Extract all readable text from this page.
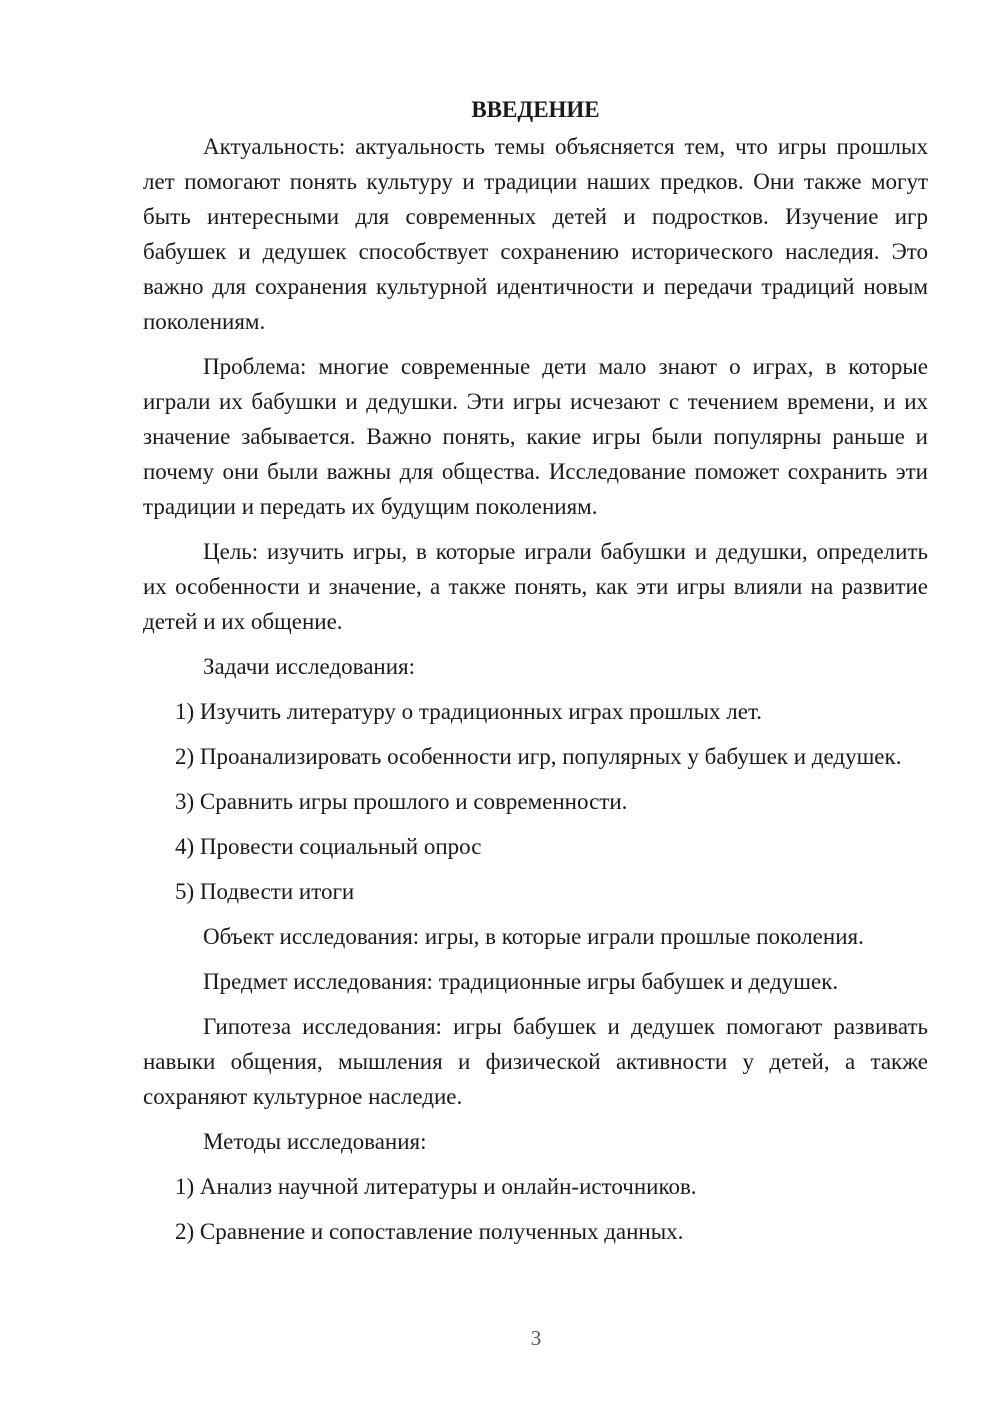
ВВЕДЕНИЕ

Актуальность: актуальность темы объясняется тем, что игры прошлых лет помогают понять культуру и традиции наших предков. Они также могут быть интересными для современных детей и подростков. Изучение игр бабушек и дедушек способствует сохранению исторического наследия. Это важно для сохранения культурной идентичности и передачи традиций новым поколениям.

Проблема: многие современные дети мало знают о играх, в которые играли их бабушки и дедушки. Эти игры исчезают с течением времени, и их значение забывается. Важно понять, какие игры были популярны раньше и почему они были важны для общества. Исследование поможет сохранить эти традиции и передать их будущим поколениям.

Цель: изучить игры, в которые играли бабушки и дедушки, определить их особенности и значение, а также понять, как эти игры влияли на развитие детей и их общение.

Задачи исследования:

1) Изучить литературу о традиционных играх прошлых лет.

2) Проанализировать особенности игр, популярных у бабушек и дедушек.

3) Сравнить игры прошлого и современности.

4) Провести социальный опрос

5) Подвести итоги

Объект исследования: игры, в которые играли прошлые поколения.

Предмет исследования: традиционные игры бабушек и дедушек.

Гипотеза исследования: игры бабушек и дедушек помогают развивать навыки общения, мышления и физической активности у детей, а также сохраняют культурное наследие.

Методы исследования:

1) Анализ научной литературы и онлайн-источников.

2) Сравнение и сопоставление полученных данных.

3
